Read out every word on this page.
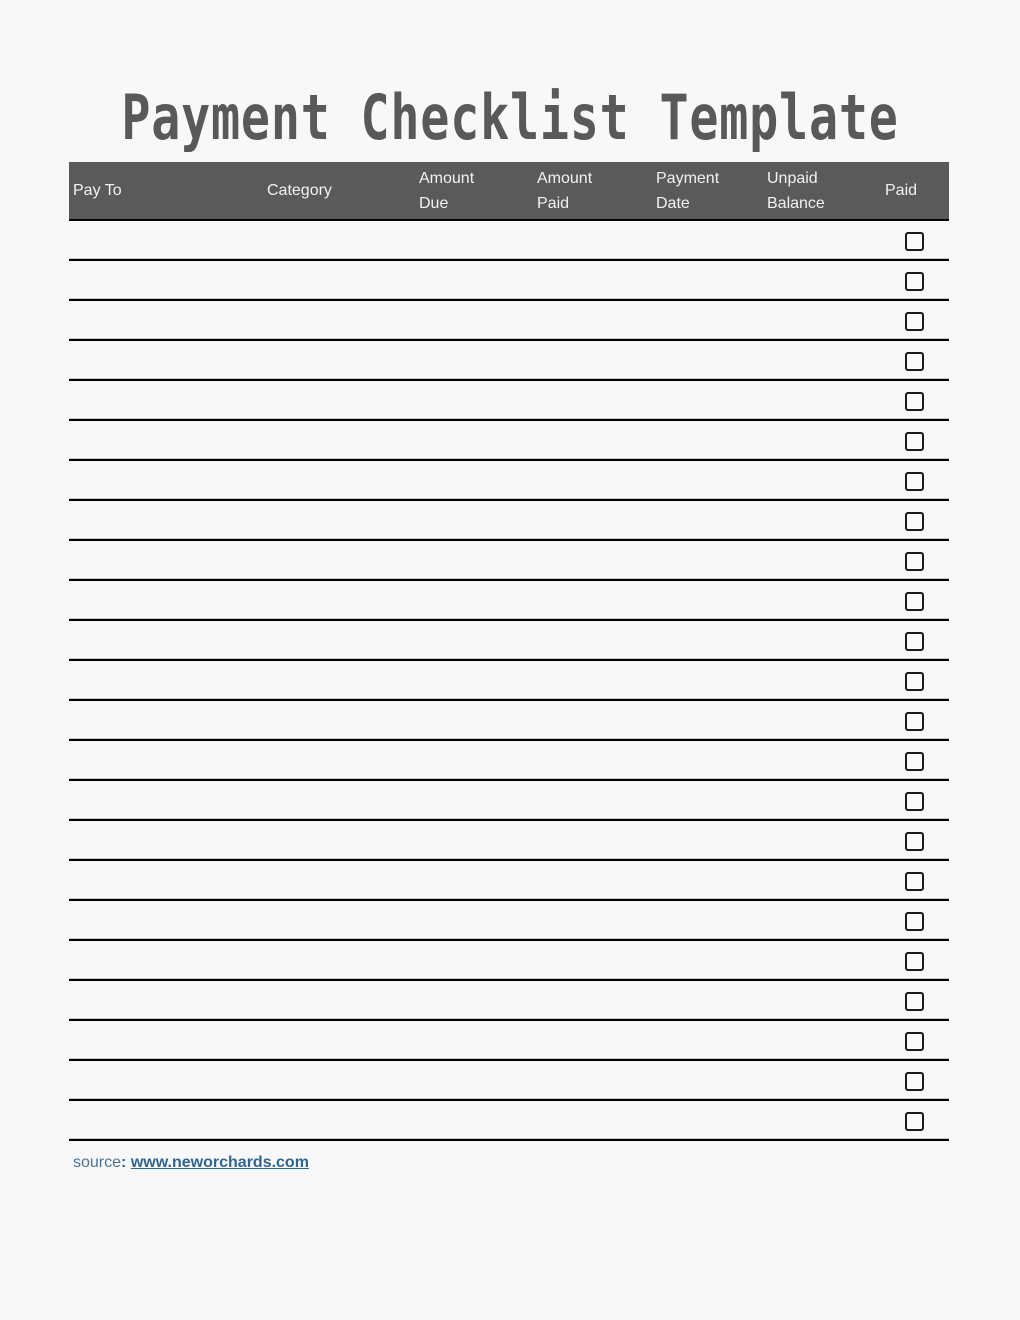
Payment Checklist Template
Pay To	Category
Amount
Due
Amount
Paid
Payment
Date
Unpaid
Balance
Paid
source: www.neworchards.com
